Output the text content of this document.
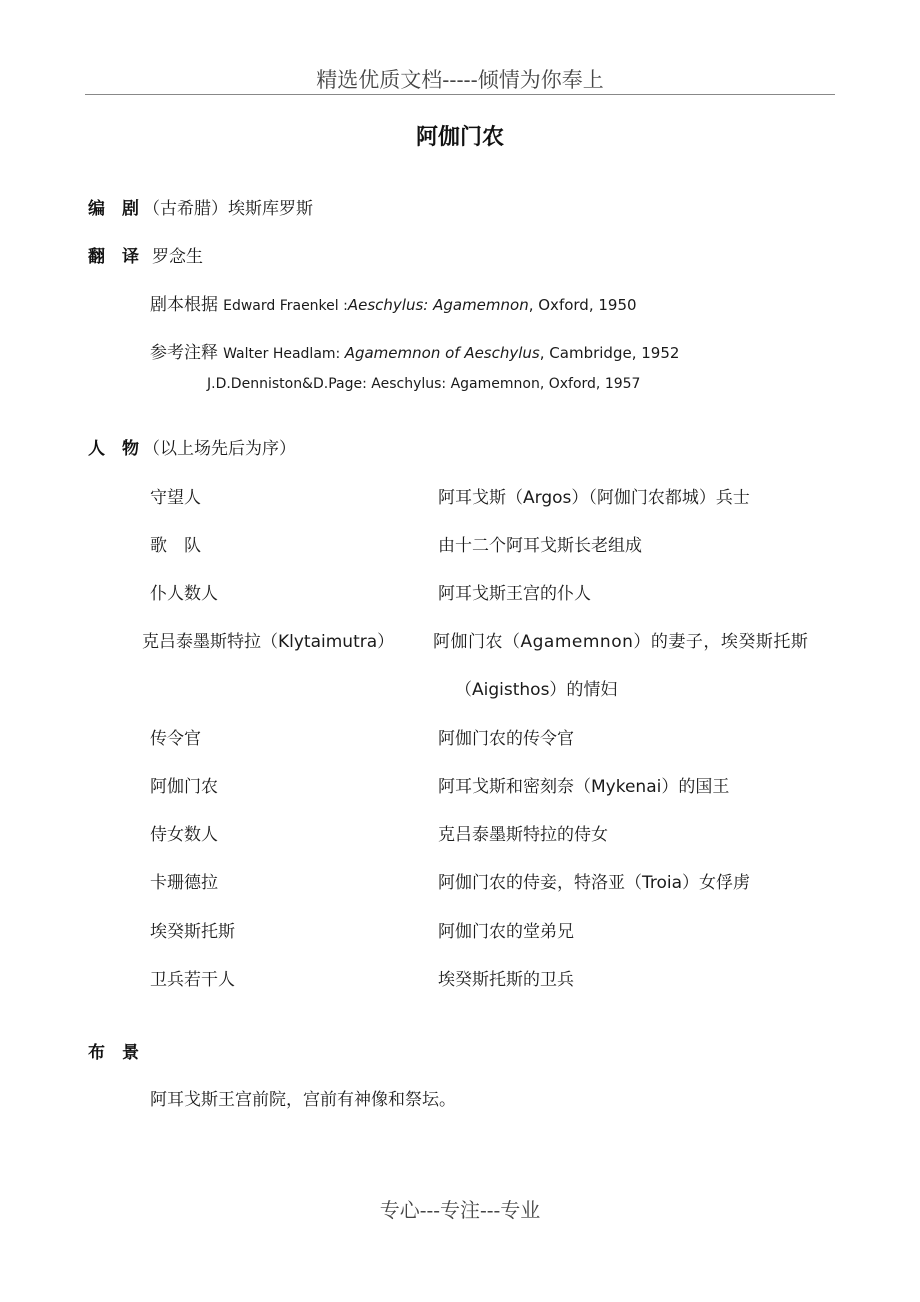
精选优质文档-----倾情为你奉上
阿伽门农
编 剧 （古希腊）埃斯库罗斯
翻 译 罗念生
剧本根据 Edward Fraenkel :Aeschylus: Agamemnon, Oxford, 1950
参考注释 Walter Headlam: Agamemnon of Aeschylus, Cambridge, 1952
J.D.Denniston&D.Page: Aeschylus: Agamemnon, Oxford, 1957
人 物 （以上场先后为序）
守望人	阿耳戈斯（Argos）（阿伽门农都城）兵士
歌　队	由十二个阿耳戈斯长老组成
仆人数人	阿耳戈斯王宫的仆人
克吕泰墨斯特拉（Klytaimutra） 阿伽门农（Agamemnon）的妻子，埃癸斯托斯
（Aigisthos）的情妇
传令官	阿伽门农的传令官
阿伽门农	阿耳戈斯和密刻奈（Mykenai）的国王
侍女数人	克吕泰墨斯特拉的侍女
卡珊德拉	阿伽门农的侍妾，特洛亚（Troia）女俘虏
埃癸斯托斯	阿伽门农的堂弟兄
卫兵若干人	埃癸斯托斯的卫兵
布 景
阿耳戈斯王宫前院，宫前有神像和祭坛。
专心---专注---专业
